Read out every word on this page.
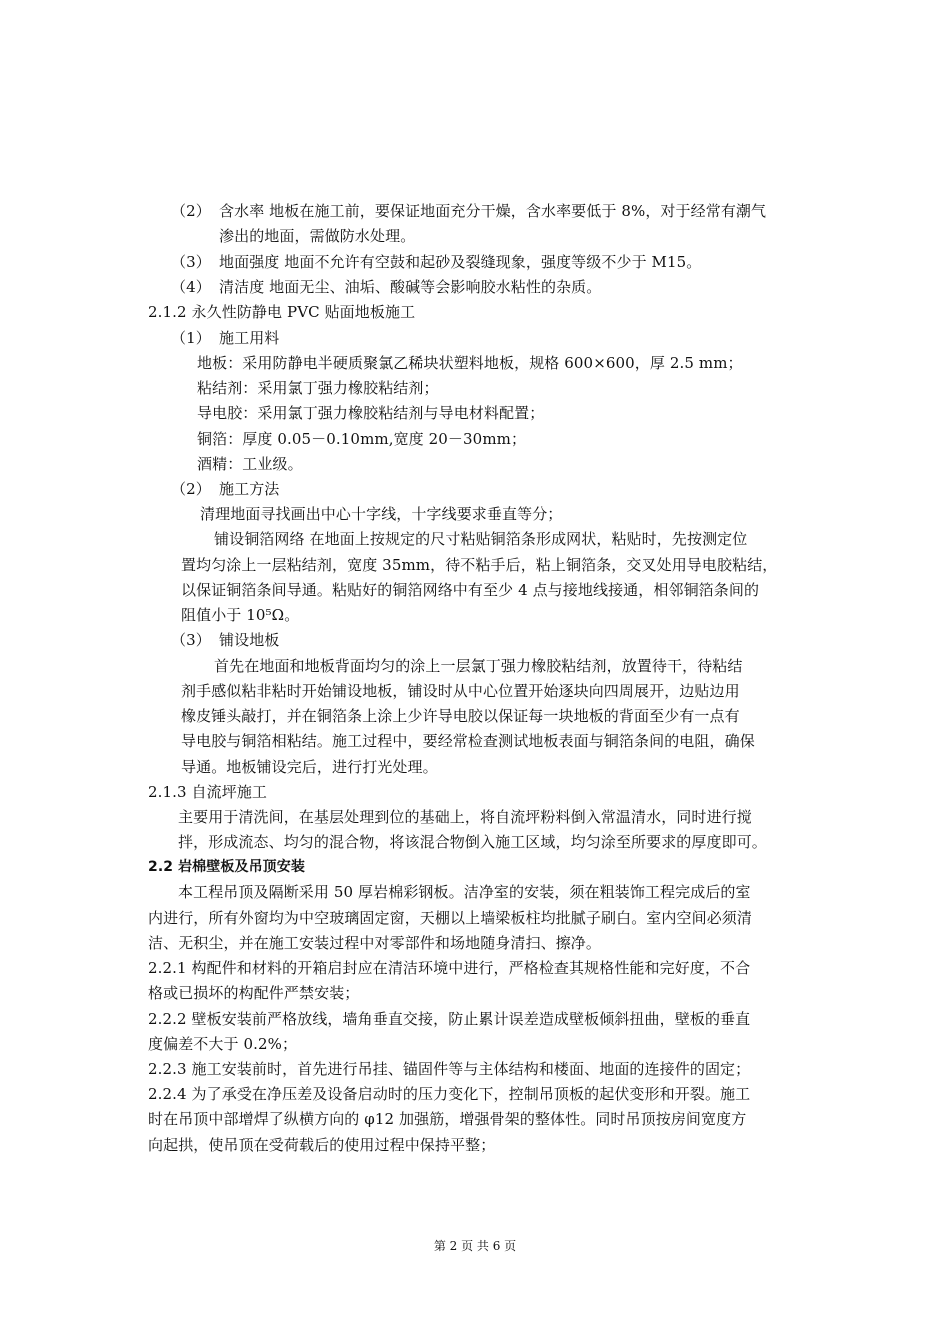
（2） 含水率 地板在施工前，要保证地面充分干燥，含水率要低于 8%，对于经常有潮气
渗出的地面，需做防水处理。
（3） 地面强度 地面不允许有空鼓和起砂及裂缝现象，强度等级不少于 M15。
（4） 清洁度 地面无尘、油垢、酸碱等会影响胶水粘性的杂质。
2.1.2 永久性防静电 PVC 贴面地板施工
（1） 施工用料
地板：采用防静电半硬质聚氯乙稀块状塑料地板，规格 600×600，厚 2.5 mm；
粘结剂：采用氯丁强力橡胶粘结剂；
导电胶：采用氯丁强力橡胶粘结剂与导电材料配置；
铜箔：厚度 0.05－0.10mm,宽度 20－30mm；
酒精：工业级。
（2） 施工方法
清理地面寻找画出中心十字线，十字线要求垂直等分；
铺设铜箔网络 在地面上按规定的尺寸粘贴铜箔条形成网状，粘贴时，先按测定位
置均匀涂上一层粘结剂，宽度 35mm，待不粘手后，粘上铜箔条，交叉处用导电胶粘结，
以保证铜箔条间导通。粘贴好的铜箔网络中有至少 4 点与接地线接通，相邻铜箔条间的
阻值小于 10⁵Ω。
（3） 铺设地板
首先在地面和地板背面均匀的涂上一层氯丁强力橡胶粘结剂，放置待干，待粘结
剂手感似粘非粘时开始铺设地板，铺设时从中心位置开始逐块向四周展开，边贴边用
橡皮锤头敲打，并在铜箔条上涂上少许导电胶以保证每一块地板的背面至少有一点有
导电胶与铜箔相粘结。施工过程中，要经常检查测试地板表面与铜箔条间的电阻，确保
导通。地板铺设完后，进行打光处理。
2.1.3 自流坪施工
主要用于清洗间，在基层处理到位的基础上，将自流坪粉料倒入常温清水，同时进行搅
拌，形成流态、均匀的混合物，将该混合物倒入施工区域，均匀涂至所要求的厚度即可。
2.2 岩棉壁板及吊顶安装
本工程吊顶及隔断采用 50 厚岩棉彩钢板。洁净室的安装，须在粗装饰工程完成后的室
内进行，所有外窗均为中空玻璃固定窗，天棚以上墙梁板柱均批腻子刷白。室内空间必须清
洁、无积尘，并在施工安装过程中对零部件和场地随身清扫、擦净。
2.2.1 构配件和材料的开箱启封应在清洁环境中进行，严格检查其规格性能和完好度，不合
格或已损坏的构配件严禁安装；
2.2.2 壁板安装前严格放线，墙角垂直交接，防止累计误差造成壁板倾斜扭曲，壁板的垂直
度偏差不大于 0.2%；
2.2.3 施工安装前时，首先进行吊挂、锚固件等与主体结构和楼面、地面的连接件的固定；
2.2.4 为了承受在净压差及设备启动时的压力变化下，控制吊顶板的起伏变形和开裂。施工
时在吊顶中部增焊了纵横方向的 φ12 加强筋，增强骨架的整体性。同时吊顶按房间宽度方
向起拱，使吊顶在受荷载后的使用过程中保持平整；
第 2 页 共 6 页
